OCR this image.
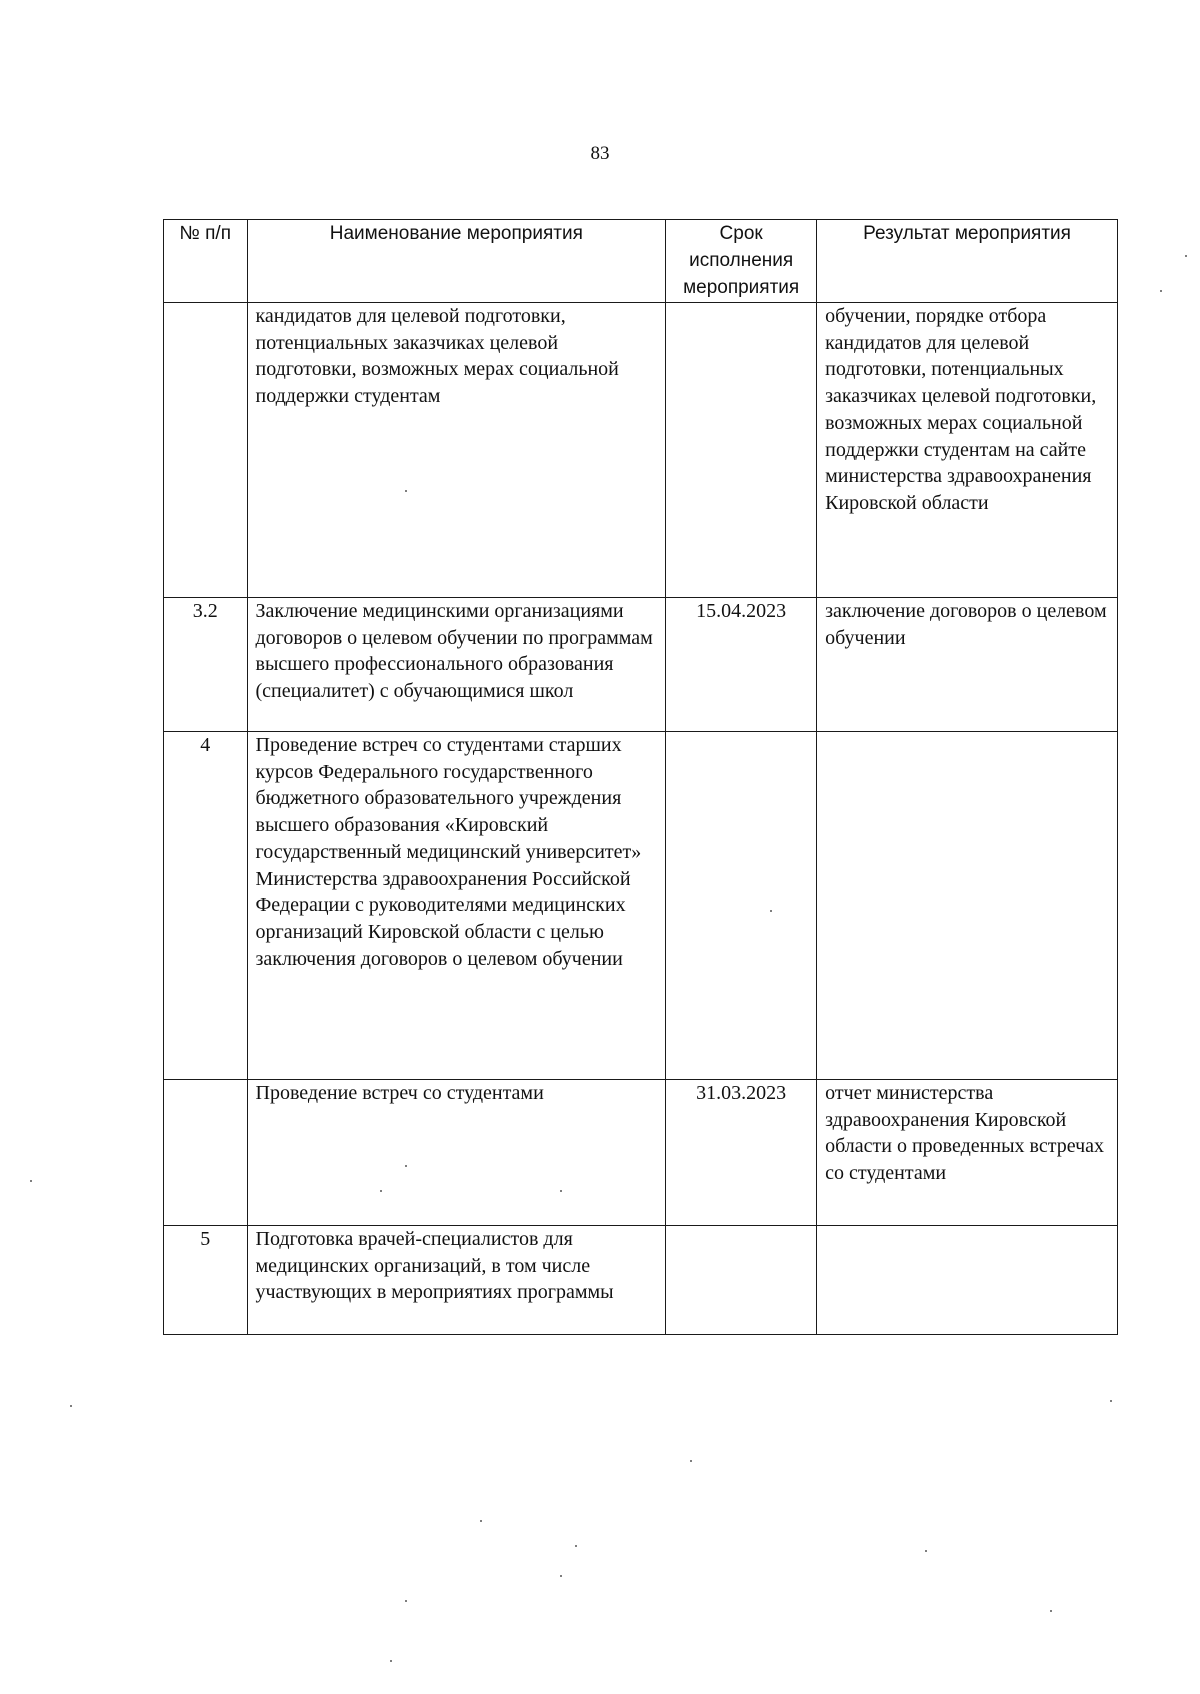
83
№ п/п	Наименование мероприятия	Срок исполнения мероприятия	Результат мероприятия
	кандидатов для целевой подготовки, потенциальных заказчиках целевой подготовки, возможных мерах социальной поддержки студентам		обучении, порядке отбора кандидатов для целевой подготовки, потенциальных заказчиках целевой подготовки, возможных мерах социальной поддержки студентам на сайте министерства здравоохранения Кировской области
3.2	Заключение медицинскими организациями договоров о целевом обучении по программам высшего профессионального образования (специалитет) с обучающимися школ	15.04.2023	заключение договоров о целевом обучении
4	Проведение встреч со студентами старших курсов Федерального государственного бюджетного образовательного учреждения высшего образования «Кировский государственный медицинский университет» Министерства здравоохранения Российской Федерации с руководителями медицинских организаций Кировской области с целью заключения договоров о целевом обучении		
	Проведение встреч со студентами	31.03.2023	отчет министерства здравоохранения Кировской области о проведенных встречах со студентами
5	Подготовка врачей-специалистов для медицинских организаций, в том числе участвующих в мероприятиях программы		
